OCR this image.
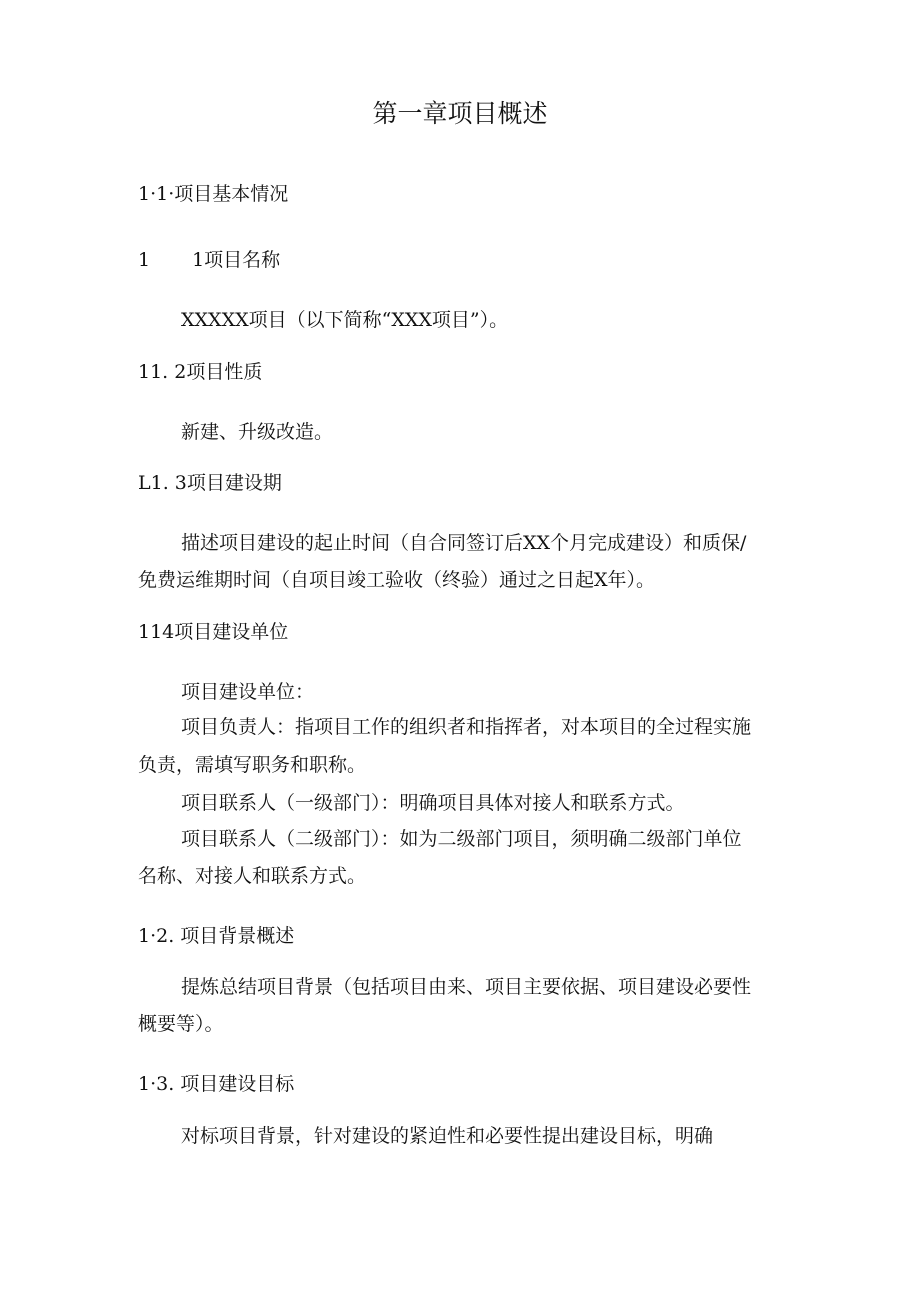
第一章项目概述

1·1·项目基本情况

1 1项目名称

XXXXX项目（以下简称“XXX项目”）。

11. 2项目性质

新建、升级改造。

L1. 3项目建设期

描述项目建设的起止时间（自合同签订后XX个月完成建设）和质保/

免费运维期时间（自项目竣工验收（终验）通过之日起X年）。

114项目建设单位

项目建设单位：

项目负责人：指项目工作的组织者和指挥者，对本项目的全过程实施

负责，需填写职务和职称。

项目联系人（一级部门）：明确项目具体对接人和联系方式。

项目联系人（二级部门）：如为二级部门项目，须明确二级部门单位

名称、对接人和联系方式。

1·2. 项目背景概述

提炼总结项目背景（包括项目由来、项目主要依据、项目建设必要性

概要等）。

1·3. 项目建设目标

对标项目背景，针对建设的紧迫性和必要性提出建设目标，明确
